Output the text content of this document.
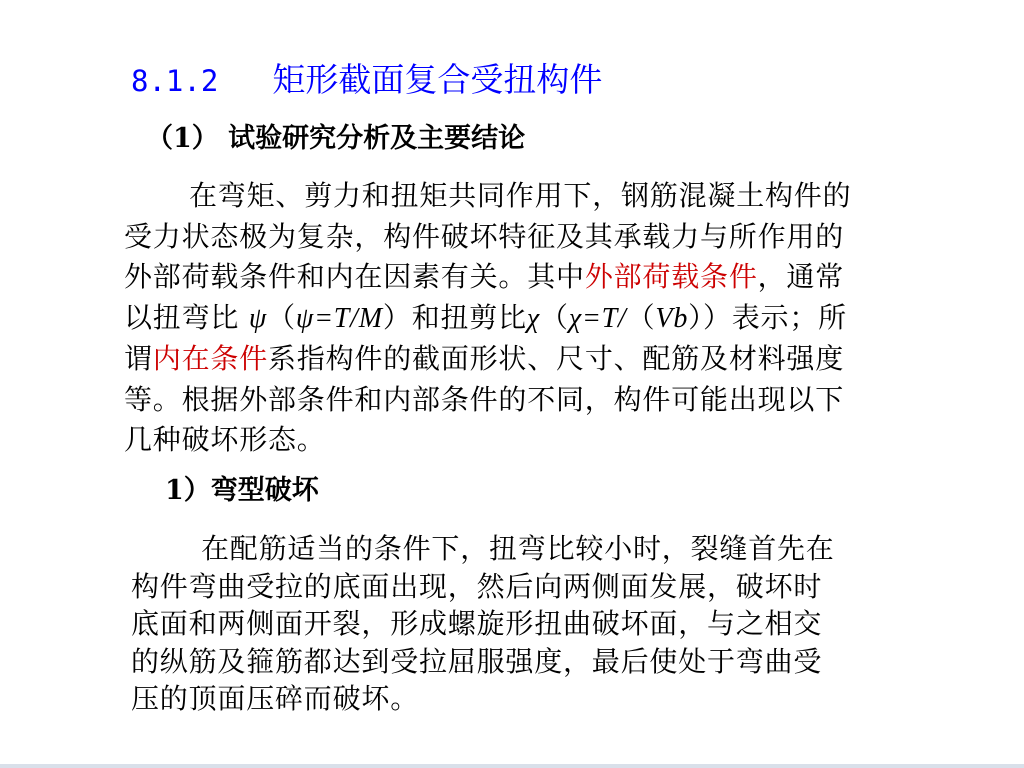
8.1.2 矩形截面复合受扭构件
（1） 试验研究分析及主要结论
在弯矩、剪力和扭矩共同作用下，钢筋混凝土构件的
受力状态极为复杂，构件破坏特征及其承载力与所作用的
外部荷载条件和内在因素有关。其中外部荷载条件，通常
以扭弯比 ψ（ψ=T/M）和扭剪比χ（χ=T/（Vb））表示；所
谓内在条件系指构件的截面形状、尺寸、配筋及材料强度
等。根据外部条件和内部条件的不同，构件可能出现以下
几种破坏形态。
1）弯型破坏
在配筋适当的条件下，扭弯比较小时，裂缝首先在
构件弯曲受拉的底面出现，然后向两侧面发展，破坏时
底面和两侧面开裂，形成螺旋形扭曲破坏面，与之相交
的纵筋及箍筋都达到受拉屈服强度，最后使处于弯曲受
压的顶面压碎而破坏。
